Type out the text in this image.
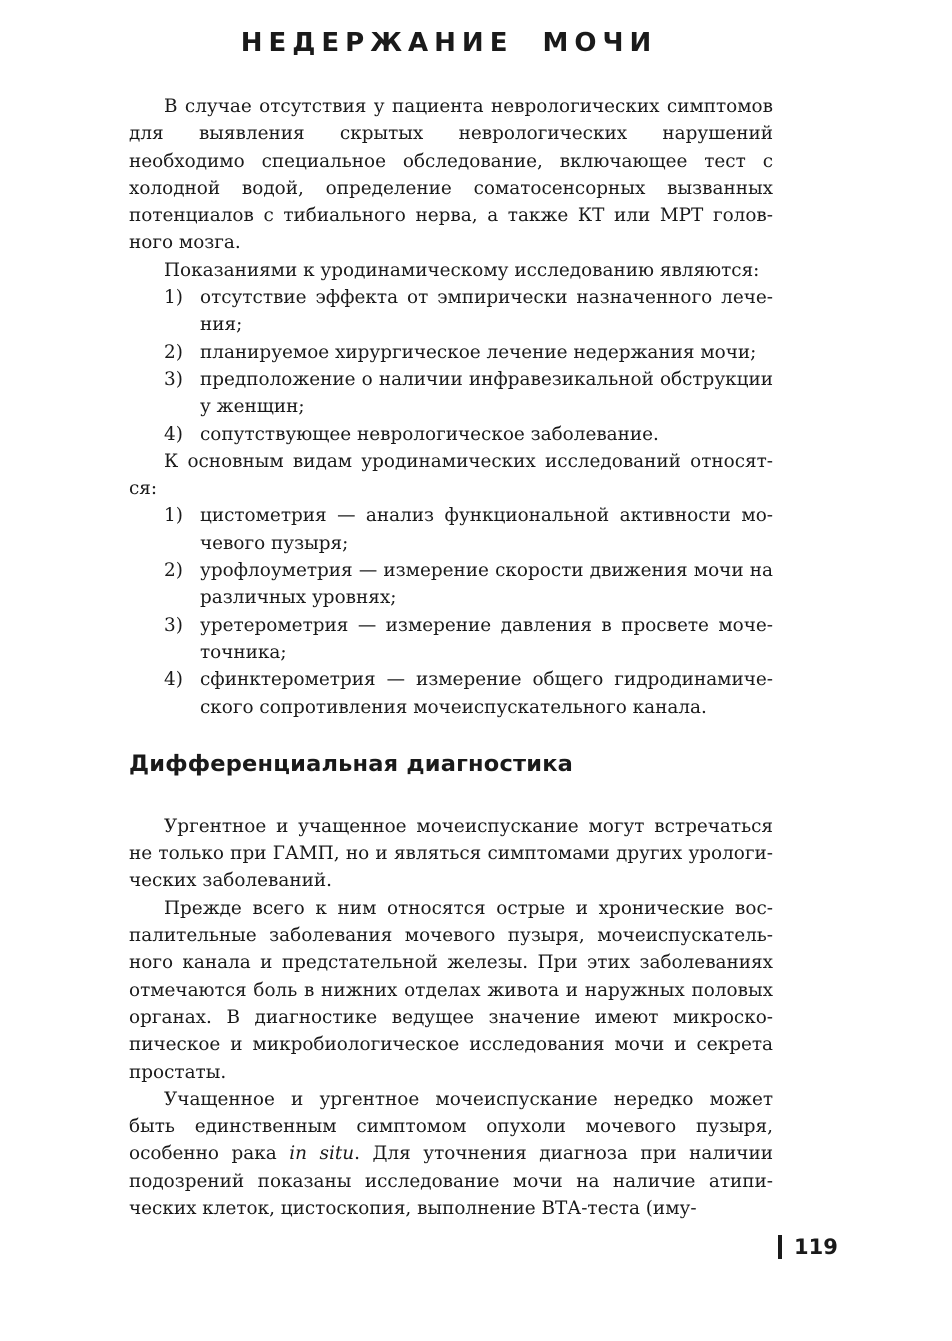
НЕДЕРЖАНИЕ МОЧИ

В случае отсутствия у пациента неврологических симптомов для выявления скрытых неврологических нарушений необходимо специальное обследование, включающее тест с холодной водой, определение соматосенсорных вызванных потенциалов с тибиального нерва, а также КТ или МРТ головного мозга.

Показаниями к уродинамическому исследованию являются:

1) отсутствие эффекта от эмпирически назначенного лечения;
2) планируемое хирургическое лечение недержания мочи;
3) предположение о наличии инфравезикальной обструкции у женщин;
4) сопутствующее неврологическое заболевание.

К основным видам уродинамических исследований относятся:

1) цистометрия — анализ функциональной активности мочевого пузыря;
2) урофлоуметрия — измерение скорости движения мочи на различных уровнях;
3) уретерометрия — измерение давления в просвете мочеточника;
4) сфинктерометрия — измерение общего гидродинамического сопротивления мочеиспускательного канала.
Дифференциальная диагностика

Ургентное и учащенное мочеиспускание могут встречаться не только при ГАМП, но и являться симптомами других урологических заболеваний.

Прежде всего к ним относятся острые и хронические воспалительные заболевания мочевого пузыря, мочеиспускательного канала и предстательной железы. При этих заболеваниях отмечаются боль в нижних отделах живота и наружных половых органах. В диагностике ведущее значение имеют микроскопическое и микробиологическое исследования мочи и секрета простаты.

Учащенное и ургентное мочеиспускание нередко может быть единственным симптомом опухоли мочевого пузыря, особенно рака in situ. Для уточнения диагноза при наличии подозрений показаны исследование мочи на наличие атипических клеток, цистоскопия, выполнение ВТА-теста (иму-

119
